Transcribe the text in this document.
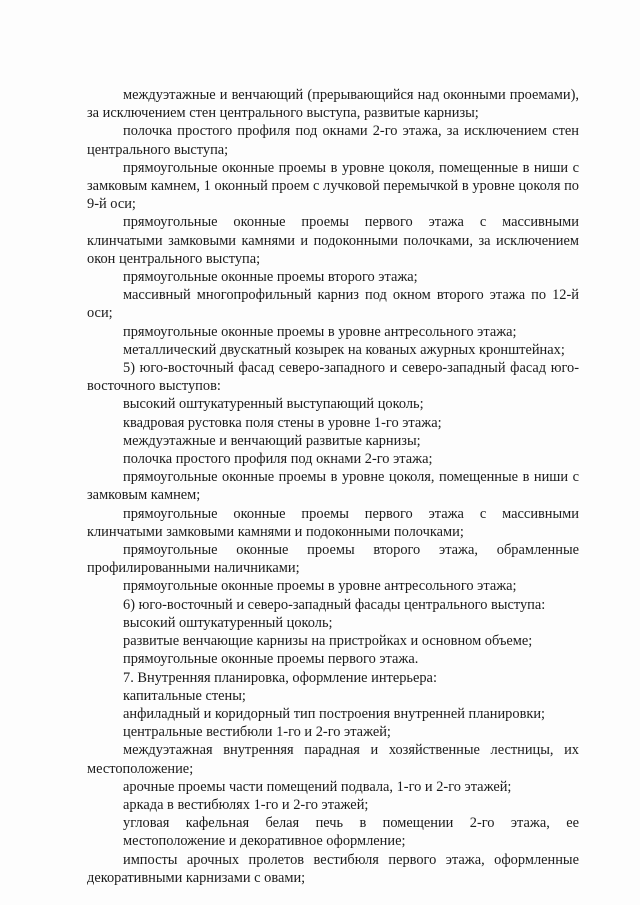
междуэтажные и венчающий (прерывающийся над оконными проемами), за исключением стен центрального выступа, развитые карнизы;

полочка простого профиля под окнами 2-го этажа, за исключением стен центрального выступа;

прямоугольные оконные проемы в уровне цоколя, помещенные в ниши с замковым камнем, 1 оконный проем с лучковой перемычкой в уровне цоколя по 9-й оси;

прямоугольные оконные проемы первого этажа с массивными клинчатыми замковыми камнями и подоконными полочками, за исключением окон центрального выступа;

прямоугольные оконные проемы второго этажа;

массивный многопрофильный карниз под окном второго этажа по 12-й оси;

прямоугольные оконные проемы в уровне антресольного этажа;

металлический двускатный козырек на кованых ажурных кронштейнах;

5) юго-восточный фасад северо-западного и северо-западный фасад юго-восточного выступов:

высокий оштукатуренный выступающий цоколь;

квадровая рустовка поля стены в уровне 1-го этажа;

междуэтажные и венчающий развитые карнизы;

полочка простого профиля под окнами 2-го этажа;

прямоугольные оконные проемы в уровне цоколя, помещенные в ниши с замковым камнем;

прямоугольные оконные проемы первого этажа с массивными клинчатыми замковыми камнями и подоконными полочками;

прямоугольные оконные проемы второго этажа, обрамленные профилированными наличниками;

прямоугольные оконные проемы в уровне антресольного этажа;

6) юго-восточный и северо-западный фасады центрального выступа:

высокий оштукатуренный цоколь;

развитые венчающие карнизы на пристройках и основном объеме;

прямоугольные оконные проемы первого этажа.

7. Внутренняя планировка, оформление интерьера:

капитальные стены;

анфиладный и коридорный тип построения внутренней планировки;

центральные вестибюли 1-го и 2-го этажей;

междуэтажная внутренняя парадная и хозяйственные лестницы, их местоположение;

арочные проемы части помещений подвала, 1-го и 2-го этажей;

аркада в вестибюлях 1-го и 2-го этажей;

угловая кафельная белая печь в помещении 2-го этажа, ее местоположение и декоративное оформление;

импосты арочных пролетов вестибюля первого этажа, оформленные декоративными карнизами с овами;
